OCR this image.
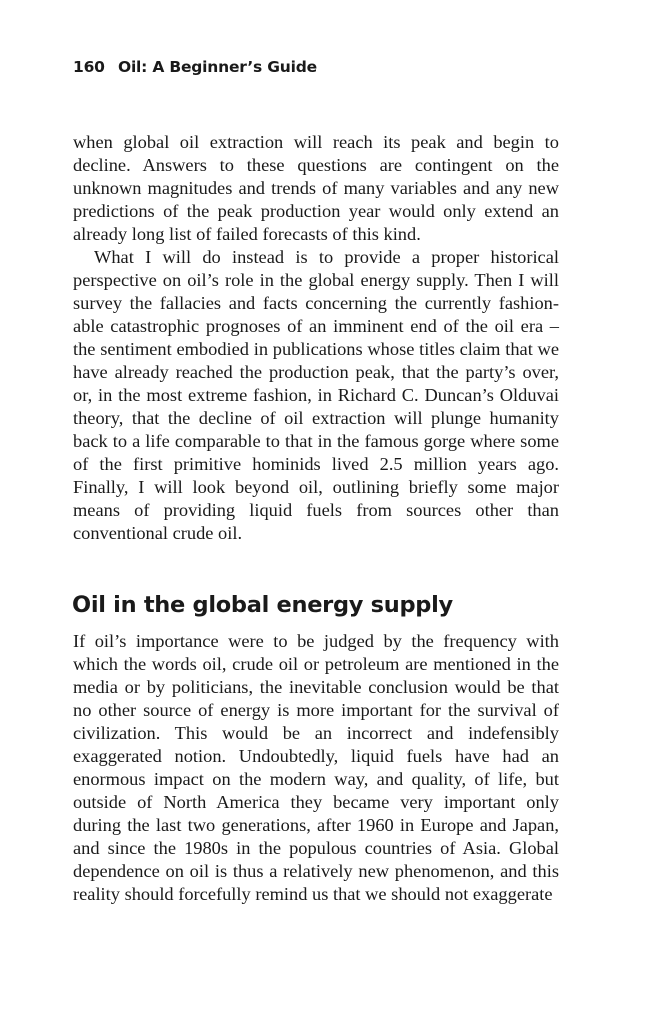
160 Oil: A Beginner’s Guide

when global oil extraction will reach its peak and begin to decline. Answers to these questions are contingent on the unknown magnitudes and trends of many variables and any new predictions of the peak production year would only extend an already long list of failed forecasts of this kind.

What I will do instead is to provide a proper historical perspective on oil’s role in the global energy supply. Then I will survey the fallacies and facts concerning the currently fashion-able catastrophic prognoses of an imminent end of the oil era – the sentiment embodied in publications whose titles claim that we have already reached the production peak, that the party’s over, or, in the most extreme fashion, in Richard C. Duncan’s Olduvai theory, that the decline of oil extraction will plunge humanity back to a life comparable to that in the famous gorge where some of the first primitive hominids lived 2.5 million years ago. Finally, I will look beyond oil, outlining briefly some major means of providing liquid fuels from sources other than conventional crude oil.

Oil in the global energy supply

If oil’s importance were to be judged by the frequency with which the words oil, crude oil or petroleum are mentioned in the media or by politicians, the inevitable conclusion would be that no other source of energy is more important for the survival of civilization. This would be an incorrect and indefensibly exaggerated notion. Undoubtedly, liquid fuels have had an enormous impact on the modern way, and quality, of life, but outside of North America they became very important only during the last two generations, after 1960 in Europe and Japan, and since the 1980s in the populous countries of Asia. Global dependence on oil is thus a relatively new phenomenon, and this reality should forcefully remind us that we should not exaggerate
